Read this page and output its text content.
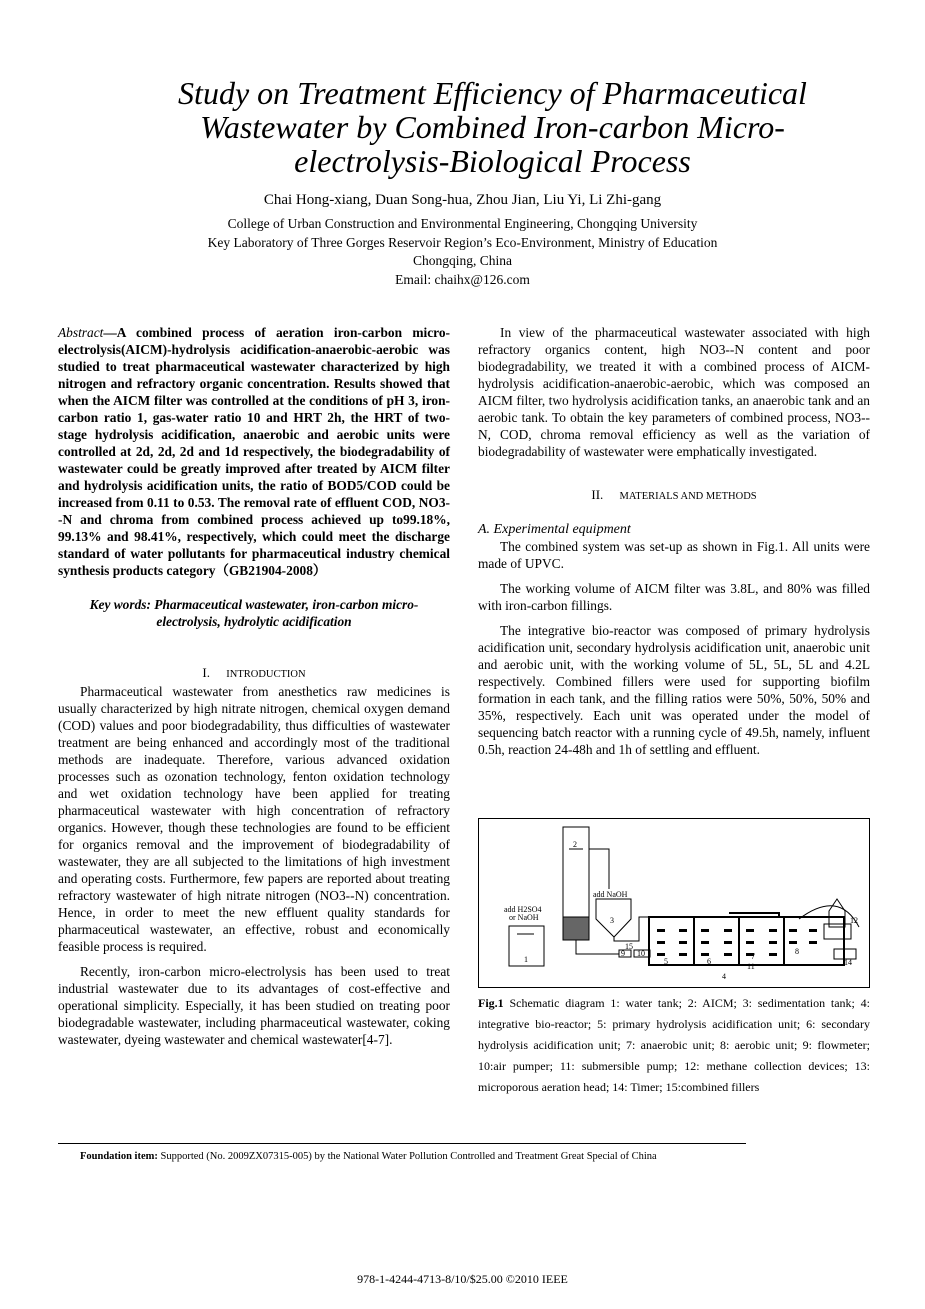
Study on Treatment Efficiency of Pharmaceutical
Wastewater by Combined Iron-carbon Micro-
electrolysis-Biological Process
Chai Hong-xiang, Duan Song-hua, Zhou Jian, Liu Yi, Li Zhi-gang
College of Urban Construction and Environmental Engineering, Chongqing University
Key Laboratory of Three Gorges Reservoir Region’s Eco-Environment, Ministry of Education
Chongqing, China
Email: chaihx@126.com

Abstract—A combined process of aeration iron-carbon micro-electrolysis(AICM)-hydrolysis acidification-anaerobic-aerobic was studied to treat pharmaceutical wastewater characterized by high nitrogen and refractory organic concentration. Results showed that when the AICM filter was controlled at the conditions of pH 3, iron-carbon ratio 1, gas-water ratio 10 and HRT 2h, the HRT of two-stage hydrolysis acidification, anaerobic and aerobic units were controlled at 2d, 2d, 2d and 1d respectively, the biodegradability of wastewater could be greatly improved after treated by AICM filter and hydrolysis acidification units, the ratio of BOD5/COD could be increased from 0.11 to 0.53. The removal rate of effluent COD, NO3--N and chroma from combined process achieved up to99.18%, 99.13% and 98.41%, respectively, which could meet the discharge standard of water pollutants for pharmaceutical industry chemical synthesis products category（GB21904-2008）

Key words: Pharmaceutical wastewater, iron-carbon micro-electrolysis, hydrolytic acidification

I. INTRODUCTION

Pharmaceutical wastewater from anesthetics raw medicines is usually characterized by high nitrate nitrogen, chemical oxygen demand (COD) values and poor biodegradability, thus difficulties of wastewater treatment are being enhanced and accordingly most of the traditional methods are inadequate. Therefore, various advanced oxidation processes such as ozonation technology, fenton oxidation technology and wet oxidation technology have been applied for treating pharmaceutical wastewater with high concentration of refractory organics. However, though these technologies are found to be efficient for organics removal and the improvement of biodegradability of wastewater, they are all subjected to the limitations of high investment and operating costs. Furthermore, few papers are reported about treating refractory wastewater of high nitrate nitrogen (NO3--N) concentration. Hence, in order to meet the new effluent quality standards for pharmaceutical wastewater, an effective, robust and economically feasible process is required.

Recently, iron-carbon micro-electrolysis has been used to treat industrial wastewater due to its advantages of cost-effective and operational simplicity. Especially, it has been studied on treating poor biodegradable wastewater, including pharmaceutical wastewater, coking wastewater, dyeing wastewater and chemical wastewater[4-7].

In view of the pharmaceutical wastewater associated with high refractory organics content, high NO3--N content and poor biodegradability, we treated it with a combined process of AICM-hydrolysis acidification-anaerobic-aerobic, which was composed an AICM filter, two hydrolysis acidification tanks, an anaerobic tank and an aerobic tank. To obtain the key parameters of combined process, NO3--N, COD, chroma removal efficiency as well as the variation of biodegradability of wastewater were emphatically investigated.

II. MATERIALS AND METHODS

A. Experimental equipment

The combined system was set-up as shown in Fig.1. All units were made of UPVC.

The working volume of AICM filter was 3.8L, and 80% was filled with iron-carbon fillings.

The integrative bio-reactor was composed of primary hydrolysis acidification unit, secondary hydrolysis acidification unit, anaerobic unit and aerobic unit, with the working volume of 5L, 5L, 5L and 4.2L respectively. Combined fillers were used for supporting biofilm formation in each tank, and the filling ratios were 50%, 50%, 50% and 35%, respectively. Each unit was operated under the model of sequencing batch reactor with a running cycle of 49.5h, namely, influent 0.5h, reaction 24-48h and 1h of settling and effluent.

add H2SO4
or NaOH
add NaOH
1
2
3
4
5	6
7
8
9 10
11
12
14
15
Fig.1 Schematic diagram 1: water tank; 2: AICM; 3: sedimentation tank; 4: integrative bio-reactor; 5: primary hydrolysis acidification unit; 6: secondary hydrolysis acidification unit; 7: anaerobic unit; 8: aerobic unit; 9: flowmeter; 10:air pumper; 11: submersible pump; 12: methane collection devices; 13: microporous aeration head; 14: Timer; 15:combined fillers
Foundation item: Supported (No. 2009ZX07315-005) by the National Water Pollution Controlled and Treatment Great Special of China
978-1-4244-4713-8/10/$25.00 ©2010 IEEE
